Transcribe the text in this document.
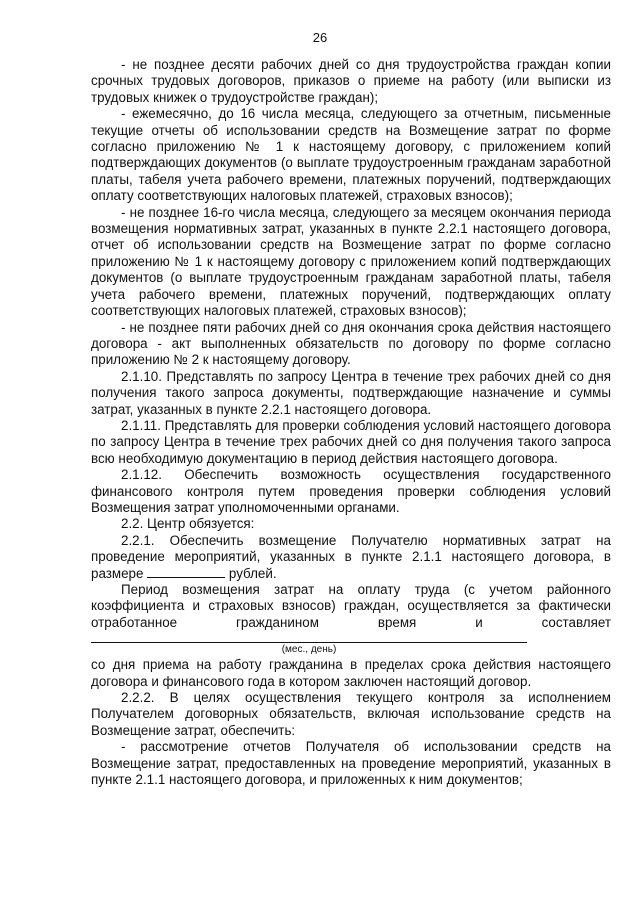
26

- не позднее десяти рабочих дней со дня трудоустройства граждан копии срочных трудовых договоров, приказов о приеме на работу (или выписки из трудовых книжек о трудоустройстве граждан);

- ежемесячно, до 16 числа месяца, следующего за отчетным, письменные текущие отчеты об использовании средств на Возмещение затрат по форме согласно приложению № 1 к настоящему договору, с приложением копий подтверждающих документов (о выплате трудоустроенным гражданам заработной платы, табеля учета рабочего времени, платежных поручений, подтверждающих оплату соответствующих налоговых платежей, страховых взносов);

- не позднее 16-го числа месяца, следующего за месяцем окончания периода возмещения нормативных затрат, указанных в пункте 2.2.1 настоящего договора, отчет об использовании средств на Возмещение затрат по форме согласно приложению № 1 к настоящему договору с приложением копий подтверждающих документов (о выплате трудоустроенным гражданам заработной платы, табеля учета рабочего времени, платежных поручений, подтверждающих оплату соответствующих налоговых платежей, страховых взносов);

- не позднее пяти рабочих дней со дня окончания срока действия настоящего договора - акт выполненных обязательств по договору по форме согласно приложению № 2 к настоящему договору.

2.1.10. Представлять по запросу Центра в течение трех рабочих дней со дня получения такого запроса документы, подтверждающие назначение и суммы затрат, указанных в пункте 2.2.1 настоящего договора.

2.1.11. Представлять для проверки соблюдения условий настоящего договора по запросу Центра в течение трех рабочих дней со дня получения такого запроса всю необходимую документацию в период действия настоящего договора.

2.1.12. Обеспечить возможность осуществления государственного финансового контроля путем проведения проверки соблюдения условий Возмещения затрат уполномоченными органами.

2.2. Центр обязуется:

2.2.1. Обеспечить возмещение Получателю нормативных затрат на проведение мероприятий, указанных в пункте 2.1.1 настоящего договора, в размере	рублей.

Период возмещения затрат на оплату труда (с учетом районного коэффициента и страховых взносов) граждан, осуществляется за фактически отработанное гражданином время и составляет

(мес., день)
со дня приема на работу гражданина в пределах срока действия настоящего договора и финансового года в котором заключен настоящий договор.

2.2.2. В целях осуществления текущего контроля за исполнением Получателем договорных обязательств, включая использование средств на Возмещение затрат, обеспечить:

- рассмотрение отчетов Получателя об использовании средств на Возмещение затрат, предоставленных на проведение мероприятий, указанных в пункте 2.1.1 настоящего договора, и приложенных к ним документов;
